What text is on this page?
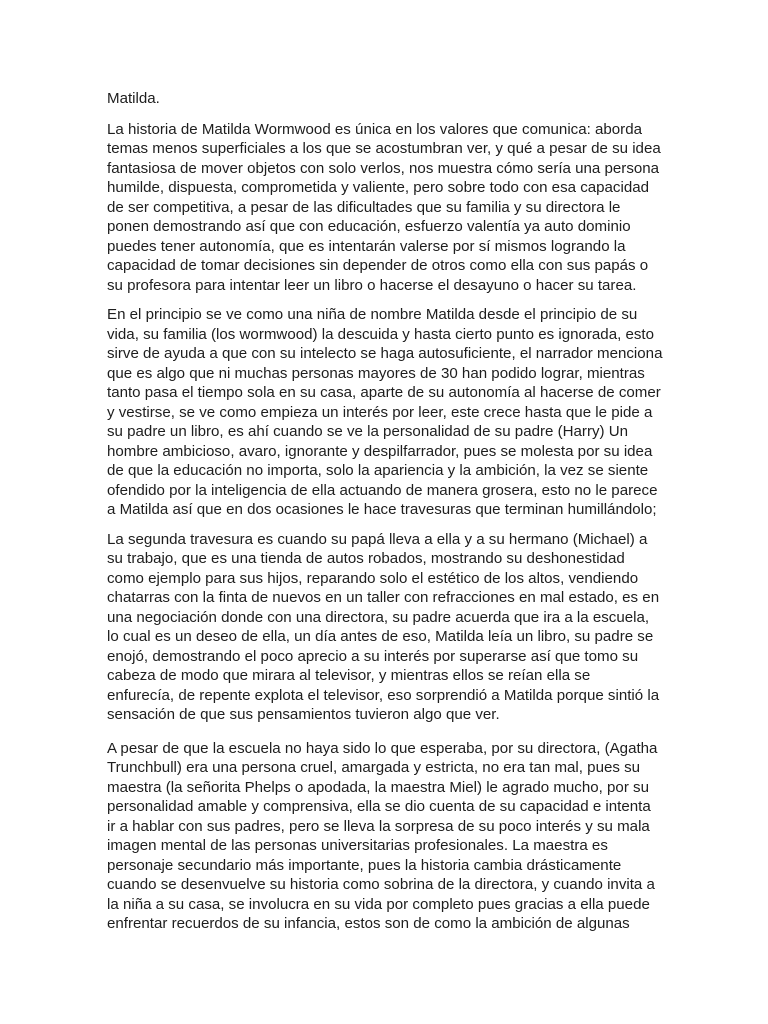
Matilda.
La historia de Matilda Wormwood es única en los valores que comunica: aborda
temas menos superficiales a los que se acostumbran ver, y qué a pesar de su idea
fantasiosa de mover objetos con solo verlos, nos muestra cómo sería una persona
humilde, dispuesta, comprometida y valiente, pero sobre todo con esa capacidad
de ser competitiva, a pesar de las dificultades que su familia y su directora le
ponen demostrando así que con educación, esfuerzo valentía ya auto dominio
puedes tener autonomía, que es intentarán valerse por sí mismos logrando la
capacidad de tomar decisiones sin depender de otros como ella con sus papás o
su profesora para intentar leer un libro o hacerse el desayuno o hacer su tarea.
En el principio se ve como una niña de nombre Matilda desde el principio de su
vida, su familia (los wormwood) la descuida y hasta cierto punto es ignorada, esto
sirve de ayuda a que con su intelecto se haga autosuficiente, el narrador menciona
que es algo que ni muchas personas mayores de 30 han podido lograr, mientras
tanto pasa el tiempo sola en su casa, aparte de su autonomía al hacerse de comer
y vestirse, se ve como empieza un interés por leer, este crece hasta que le pide a
su padre un libro, es ahí cuando se ve la personalidad de su padre (Harry) Un
hombre ambicioso, avaro, ignorante y despilfarrador, pues se molesta por su idea
de que la educación no importa, solo la apariencia y la ambición, la vez se siente
ofendido por la inteligencia de ella actuando de manera grosera, esto no le parece
a Matilda así que en dos ocasiones le hace travesuras que terminan humillándolo;
La segunda travesura es cuando su papá lleva a ella y a su hermano (Michael) a
su trabajo, que es una tienda de autos robados, mostrando su deshonestidad
como ejemplo para sus hijos, reparando solo el estético de los altos, vendiendo
chatarras con la finta de nuevos en un taller con refracciones en mal estado, es en
una negociación donde con una directora, su padre acuerda que ira a la escuela,
lo cual es un deseo de ella, un día antes de eso, Matilda leía un libro, su padre se
enojó, demostrando el poco aprecio a su interés por superarse así que tomo su
cabeza de modo que mirara al televisor, y mientras ellos se reían ella se
enfurecía, de repente explota el televisor, eso sorprendió a Matilda porque sintió la
sensación de que sus pensamientos tuvieron algo que ver.
A pesar de que la escuela no haya sido lo que esperaba, por su directora, (Agatha
Trunchbull) era una persona cruel, amargada y estricta, no era tan mal, pues su
maestra (la señorita Phelps o apodada, la maestra Miel) le agrado mucho, por su
personalidad amable y comprensiva, ella se dio cuenta de su capacidad e intenta
ir a hablar con sus padres, pero se lleva la sorpresa de su poco interés y su mala
imagen mental de las personas universitarias profesionales. La maestra es
personaje secundario más importante, pues la historia cambia drásticamente
cuando se desenvuelve su historia como sobrina de la directora, y cuando invita a
la niña a su casa, se involucra en su vida por completo pues gracias a ella puede
enfrentar recuerdos de su infancia, estos son de como la ambición de algunas
